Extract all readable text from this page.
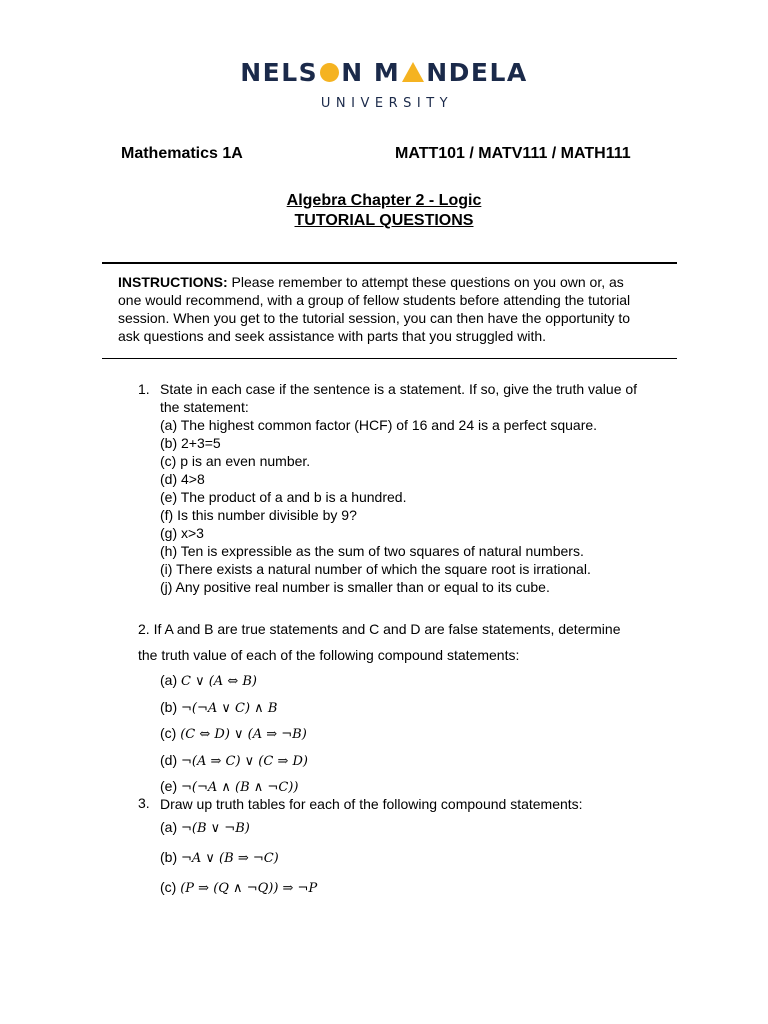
NELS N M NDELA
UNIVERSITY
Mathematics 1A	MATT101 / MATV111 / MATH111
Algebra Chapter 2 - Logic
TUTORIAL QUESTIONS
INSTRUCTIONS: Please remember to attempt these questions on you own or, as one would recommend, with a group of fellow students before attending the tutorial session. When you get to the tutorial session, you can then have the opportunity to ask questions and seek assistance with parts that you struggled with.
1. State in each case if the sentence is a statement. If so, give the truth value of the statement:
(a) The highest common factor (HCF) of 16 and 24 is a perfect square.
(b) 2+3=5
(c) p is an even number.
(d) 4>8
(e) The product of a and b is a hundred.
(f) Is this number divisible by 9?
(g) x>3
(h) Ten is expressible as the sum of two squares of natural numbers.
(i) There exists a natural number of which the square root is irrational.
(j) Any positive real number is smaller than or equal to its cube.
2. If A and B are true statements and C and D are false statements, determine
the truth value of each of the following compound statements:
(a) C ∨ (A ⇔ B)
(b) ¬(¬A ∨ C) ∧ B
(c) (C ⇔ D) ∨ (A ⇒ ¬B)
(d) ¬(A ⇒ C) ∨ (C ⇒ D)
(e) ¬(¬A ∧ (B ∧ ¬C))
3. Draw up truth tables for each of the following compound statements:
(a) ¬(B ∨ ¬B)
(b) ¬A ∨ (B ⇒ ¬C)
(c) (P ⇒ (Q ∧ ¬Q)) ⇒ ¬P
